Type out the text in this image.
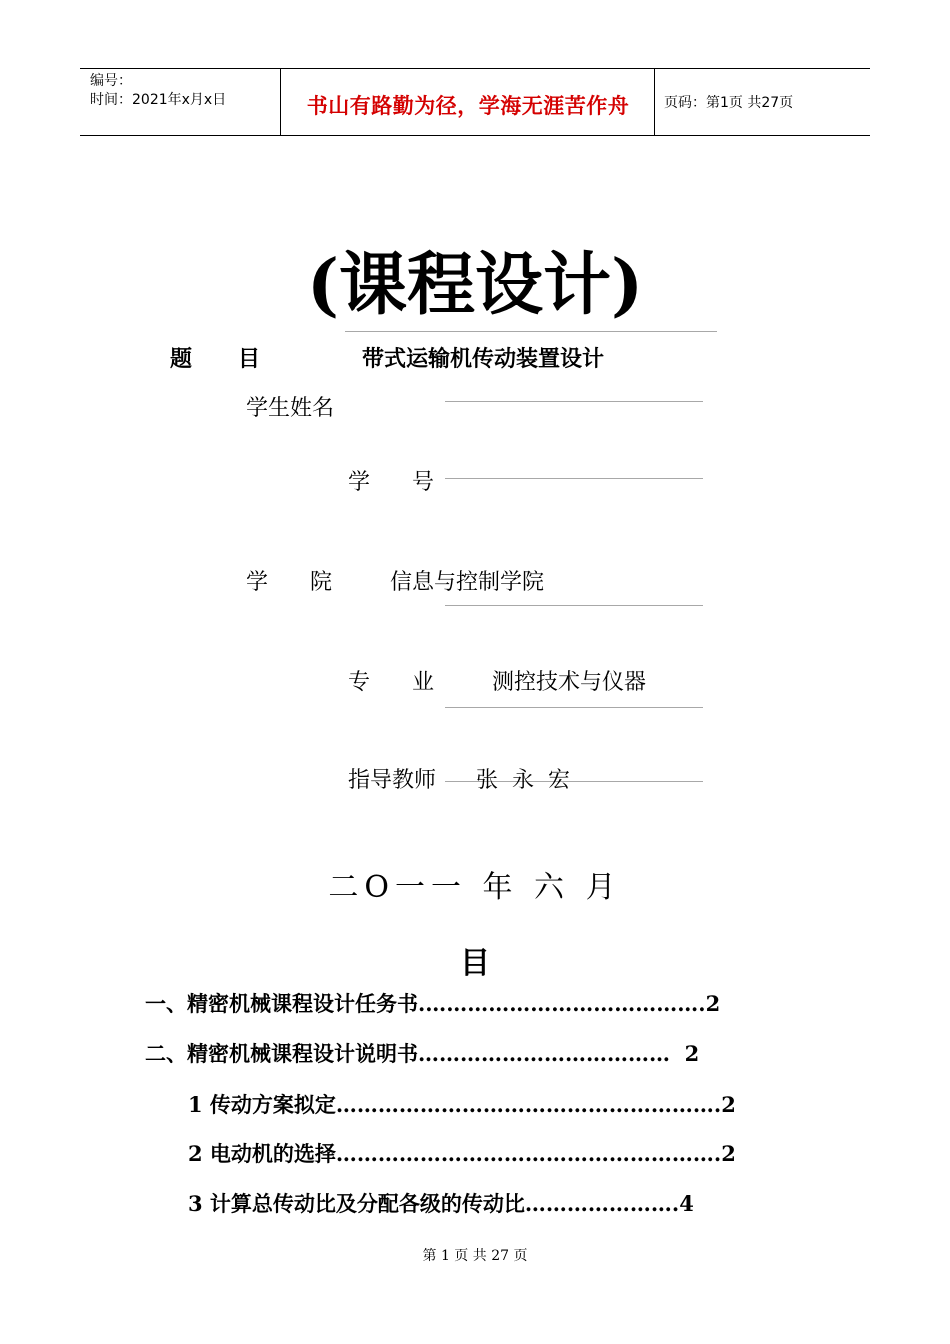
编号：
时间：2021年x月x日	书山有路勤为径，学海无涯苦作舟	页码：第1页 共27页
(课程设计)
题      目	带式运输机传动装置设计
学生姓名
学      号
学      院	信息与控制学院
专      业	测控技术与仪器
指导教师 张  永  宏
二O一一 年 六 月
目
一、精密机械课程设计任务书.………………………………….2
二、精密机械课程设计说明书………………………………  2
1 传动方案拟定……………………………………………….2
2 电动机的选择……………………………………………….2
3 计算总传动比及分配各级的传动比………………….4
第 1 页 共 27 页
